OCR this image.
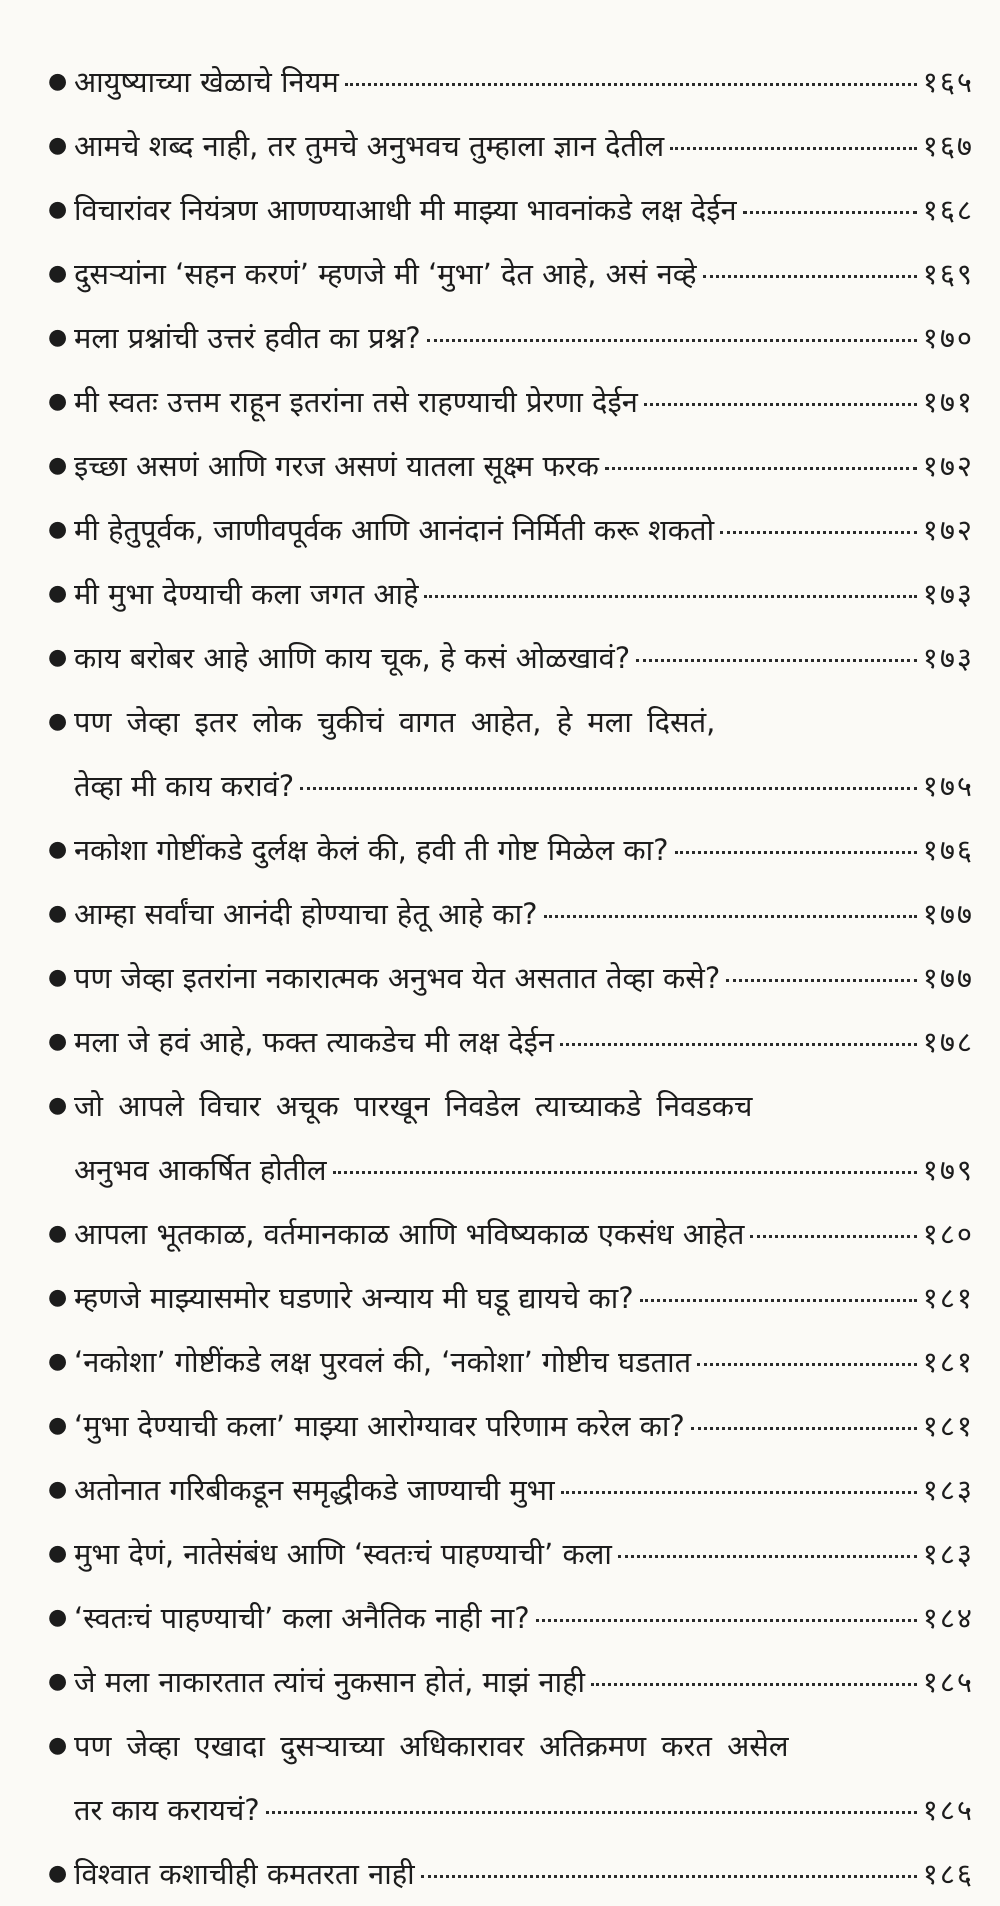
● आयुष्याच्या खेळाचे नियम	१६५
● आमचे शब्द नाही, तर तुमचे अनुभवच तुम्हाला ज्ञान देतील	१६७
● विचारांवर नियंत्रण आणण्याआधी मी माझ्या भावनांकडे लक्ष देईन	१६८
● दुसऱ्यांना ‘सहन करणं’ म्हणजे मी ‘मुभा’ देत आहे, असं नव्हे	१६९
● मला प्रश्नांची उत्तरं हवीत का प्रश्न?	१७०
● मी स्वतः उत्तम राहून इतरांना तसे राहण्याची प्रेरणा देईन	१७१
● इच्छा असणं आणि गरज असणं यातला सूक्ष्म फरक	१७२
● मी हेतुपूर्वक, जाणीवपूर्वक आणि आनंदानं निर्मिती करू शकतो	१७२
● मी मुभा देण्याची कला जगत आहे	१७३
● काय बरोबर आहे आणि काय चूक, हे कसं ओळखावं?	१७३
● पण जेव्हा इतर लोक चुकीचं वागत आहेत, हे मला दिसतं,
तेव्हा मी काय करावं?	१७५
● नकोशा गोष्टींकडे दुर्लक्ष केलं की, हवी ती गोष्ट मिळेल का?	१७६
● आम्हा सर्वांचा आनंदी होण्याचा हेतू आहे का?	१७७
● पण जेव्हा इतरांना नकारात्मक अनुभव येत असतात तेव्हा कसे?	१७७
● मला जे हवं आहे, फक्त त्याकडेच मी लक्ष देईन	१७८
● जो आपले विचार अचूक पारखून निवडेल त्याच्याकडे निवडकच
अनुभव आकर्षित होतील	१७९
● आपला भूतकाळ, वर्तमानकाळ आणि भविष्यकाळ एकसंध आहेत	१८०
● म्हणजे माझ्यासमोर घडणारे अन्याय मी घडू द्यायचे का?	१८१
● ‘नकोशा’ गोष्टींकडे लक्ष पुरवलं की, ‘नकोशा’ गोष्टीच घडतात	१८१
● ‘मुभा देण्याची कला’ माझ्या आरोग्यावर परिणाम करेल का?	१८१
● अतोनात गरिबीकडून समृद्धीकडे जाण्याची मुभा	१८३
● मुभा देणं, नातेसंबंध आणि ‘स्वतःचं पाहण्याची’ कला	१८३
● ‘स्वतःचं पाहण्याची’ कला अनैतिक नाही ना?	१८४
● जे मला नाकारतात त्यांचं नुकसान होतं, माझं नाही	१८५
● पण जेव्हा एखादा दुसऱ्याच्या अधिकारावर अतिक्रमण करत असेल
तर काय करायचं?	१८५
● विश्वात कशाचीही कमतरता नाही	१८६
